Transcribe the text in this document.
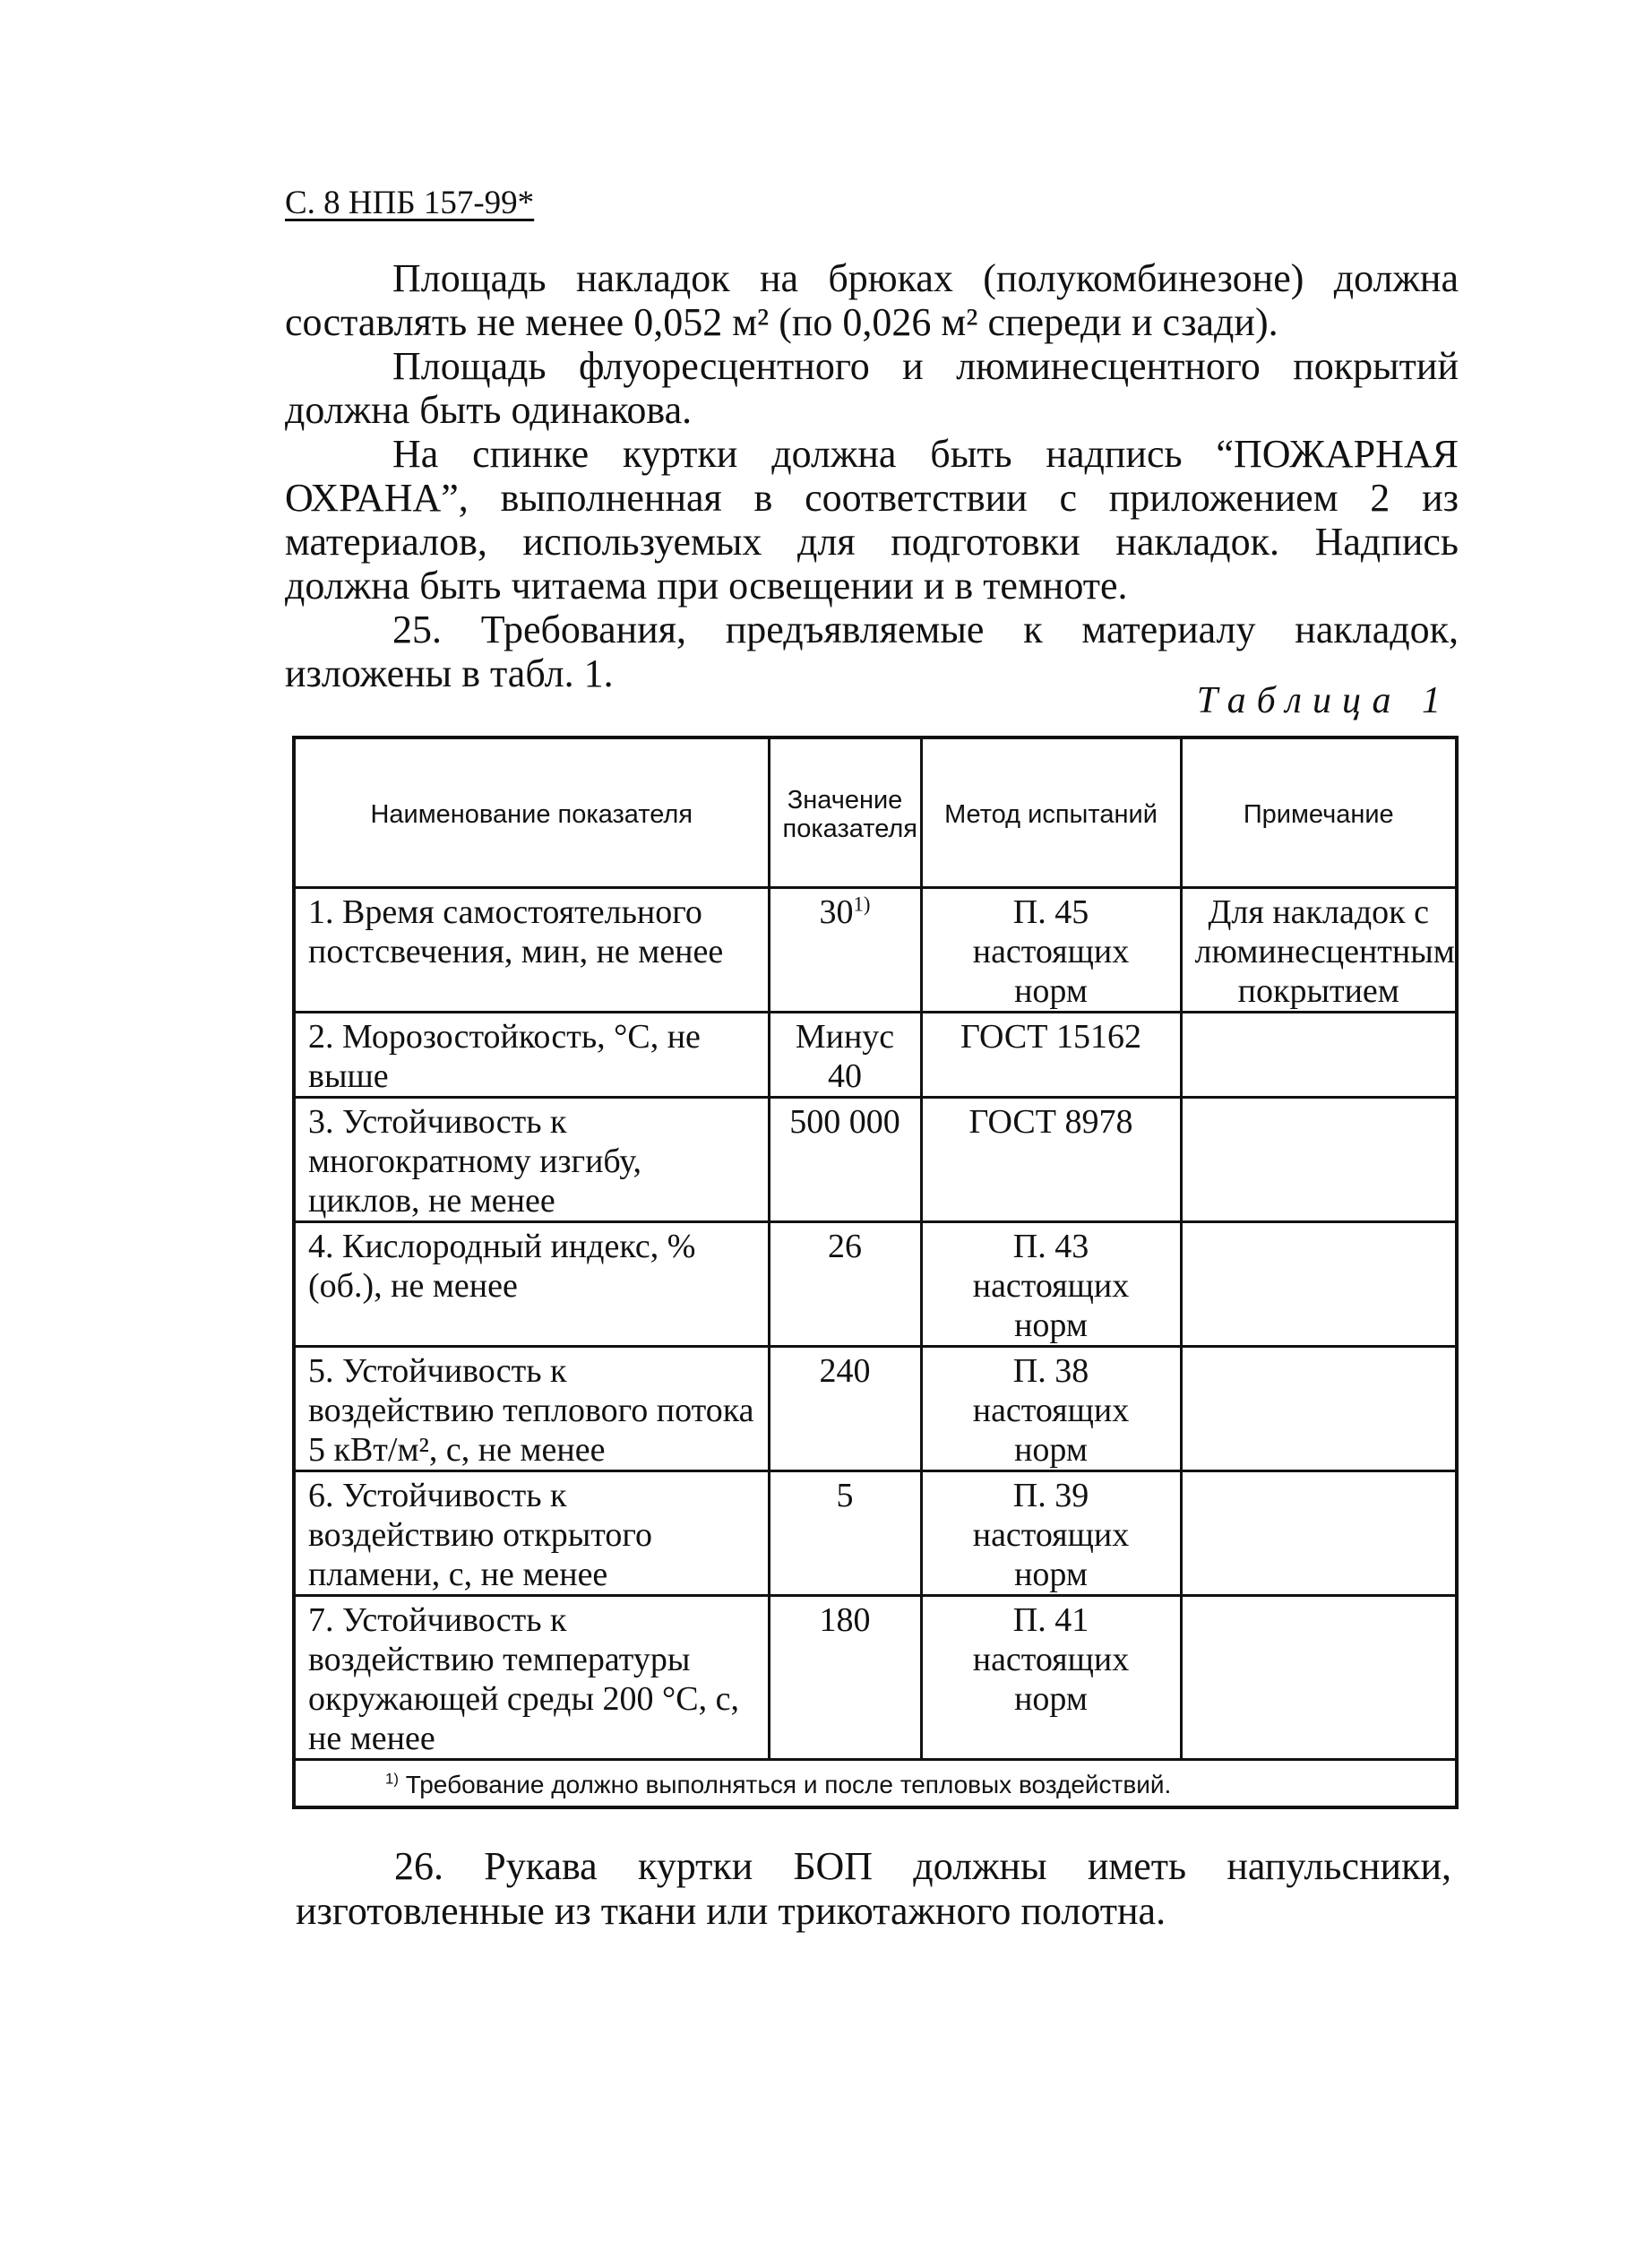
С. 8 НПБ 157-99*

Площадь накладок на брюках (полукомбинезоне) должна составлять не менее 0,052 м² (по 0,026 м² спереди и сзади).

Площадь флуоресцентного и люминесцентного покрытий должна быть одинакова.

На спинке куртки должна быть надпись “ПОЖАРНАЯ ОХРАНА”, выполненная в соответствии с приложением 2 из материалов, используемых для подготовки накладок. Надпись должна быть читаема при освещении и в темноте.

25. Требования, предъявляемые к материалу накладок, изложены в табл. 1.

Таблица 1
Наименование показателя	Значение показателя	Метод испытаний	Примечание
1. Время самостоятельного постсвечения, мин, не менее	30$^{1)}$	П. 45 настоящих норм	Для накладок с люминесцентным покрытием
2. Морозостойкость, °С, не выше	Минус 40	ГОСТ 15162	
3. Устойчивость к многократному изгибу, циклов, не менее	500 000	ГОСТ 8978	
4. Кислородный индекс, % (об.), не менее	26	П. 43 настоящих норм	
5. Устойчивость к воздействию теплового потока 5 кВт/м², с, не менее	240	П. 38 настоящих норм	
6. Устойчивость к воздействию открытого пламени, с, не менее	5	П. 39 настоящих норм	
7. Устойчивость к воздействию температуры окружающей среды 200 °С, с, не менее	180	П. 41 настоящих норм	
$^{1)}$ Требование должно выполняться и после тепловых воздействий.			

26. Рукава куртки БОП должны иметь напульсники, изготовленные из ткани или трикотажного полотна.
